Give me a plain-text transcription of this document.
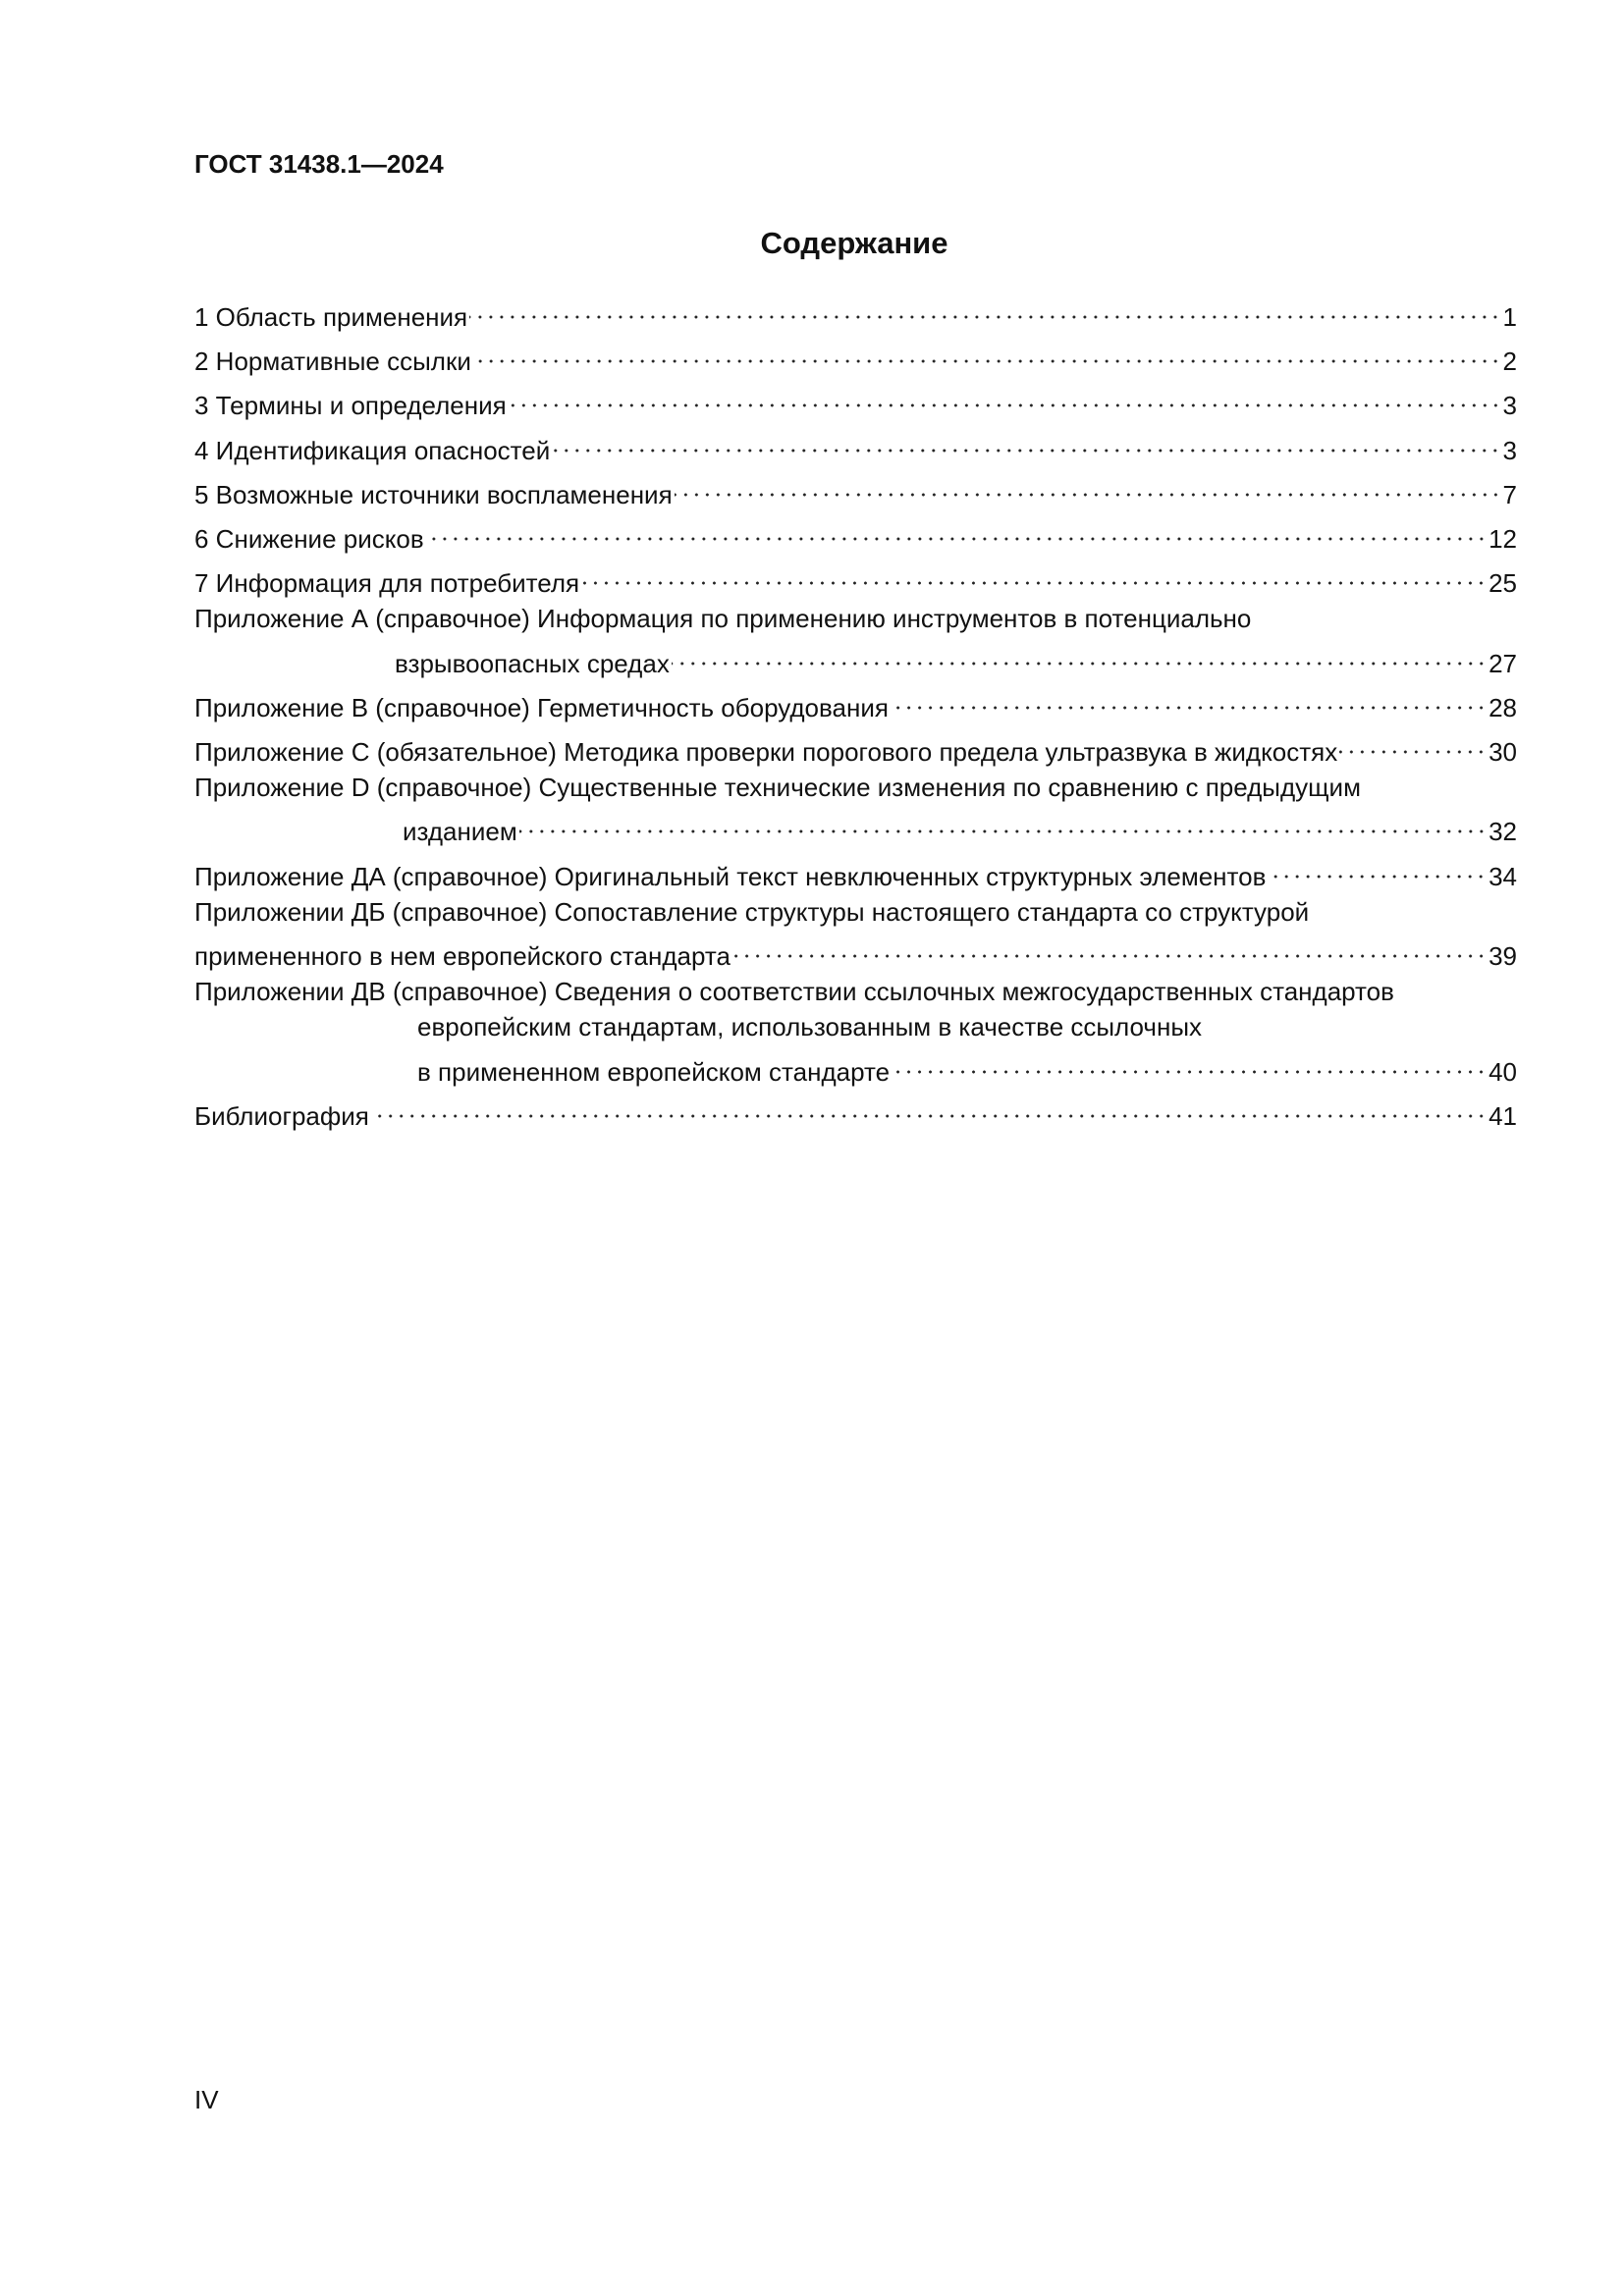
ГОСТ 31438.1—2024
Содержание
1 Область применения	1
2 Нормативные ссылки	2
3 Термины и определения	3
4 Идентификация опасностей	3
5 Возможные источники воспламенения	7
6 Снижение рисков	12
7 Информация для потребителя	25
Приложение А (справочное) Информация по применению инструментов в потенциально
взрывоопасных средах	27
Приложение В (справочное) Герметичность оборудования	28
Приложение С (обязательное) Методика проверки порогового предела ультразвука в жидкостях	30
Приложение D (справочное) Существенные технические изменения по сравнению с предыдущим
изданием	32
Приложение ДА (справочное) Оригинальный текст невключенных структурных элементов	34
Приложении ДБ (справочное) Сопоставление структуры настоящего стандарта со структурой
примененного в нем европейского стандарта	39
Приложении ДВ (справочное) Сведения о соответствии ссылочных межгосударственных стандартов
европейским стандартам, использованным в качестве ссылочных
в примененном европейском стандарте	40
Библиография	41
IV
